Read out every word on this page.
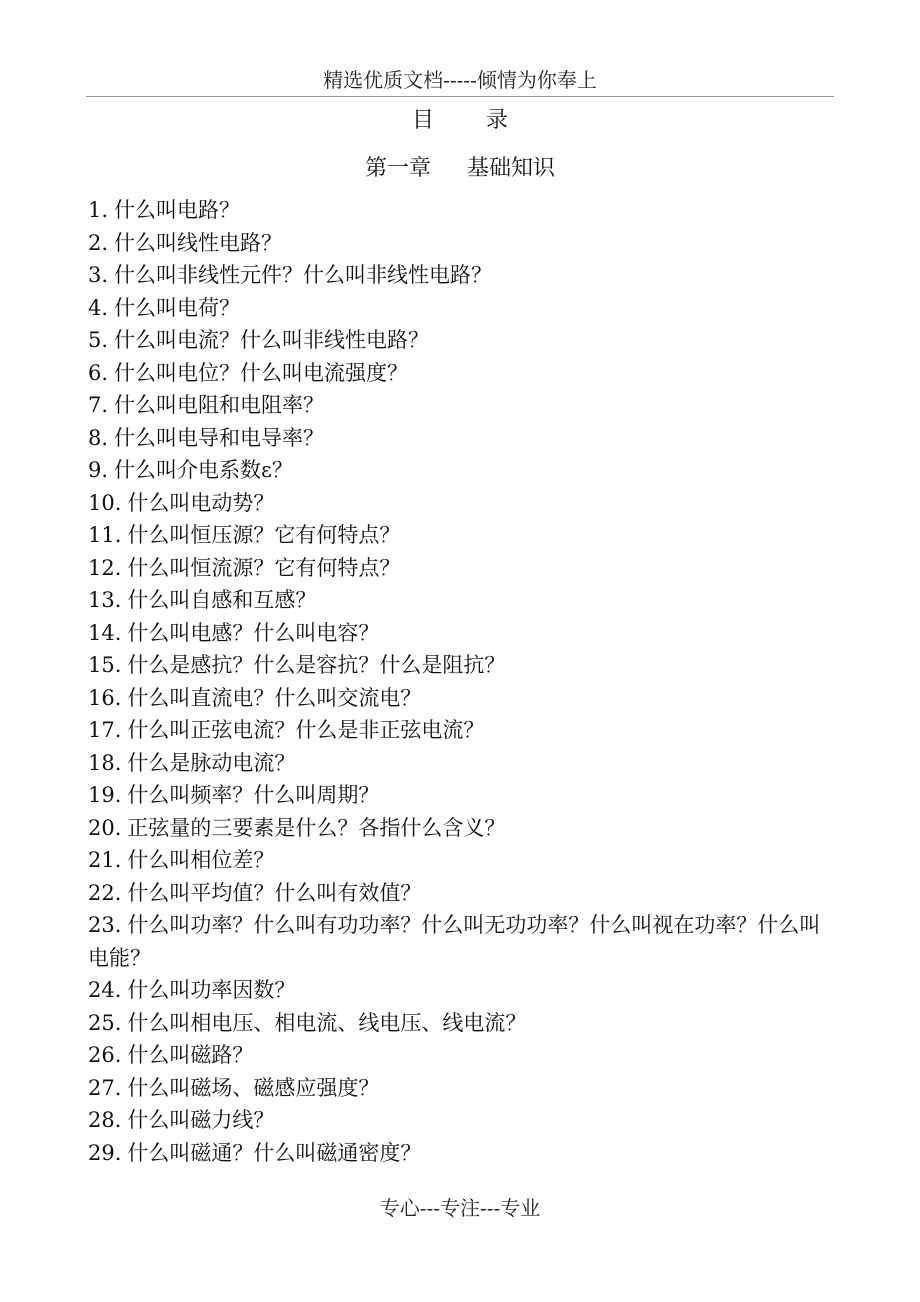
精选优质文档-----倾情为你奉上
目 录
第一章 基础知识
1. 什么叫电路？
2. 什么叫线性电路？
3. 什么叫非线性元件？什么叫非线性电路？
4. 什么叫电荷？
5. 什么叫电流？什么叫非线性电路？
6. 什么叫电位？什么叫电流强度？
7. 什么叫电阻和电阻率？
8. 什么叫电导和电导率？
9. 什么叫介电系数ε？
10. 什么叫电动势？
11. 什么叫恒压源？它有何特点？
12. 什么叫恒流源？它有何特点？
13. 什么叫自感和互感？
14. 什么叫电感？什么叫电容？
15. 什么是感抗？什么是容抗？什么是阻抗？
16. 什么叫直流电？什么叫交流电？
17. 什么叫正弦电流？什么是非正弦电流？
18. 什么是脉动电流？
19. 什么叫频率？什么叫周期？
20. 正弦量的三要素是什么？各指什么含义？
21. 什么叫相位差？
22. 什么叫平均值？什么叫有效值？
23. 什么叫功率？什么叫有功功率？什么叫无功功率？什么叫视在功率？什么叫电能？
24. 什么叫功率因数？
25. 什么叫相电压、相电流、线电压、线电流？
26. 什么叫磁路？
27. 什么叫磁场、磁感应强度？
28. 什么叫磁力线？
29. 什么叫磁通？什么叫磁通密度？
专心---专注---专业
